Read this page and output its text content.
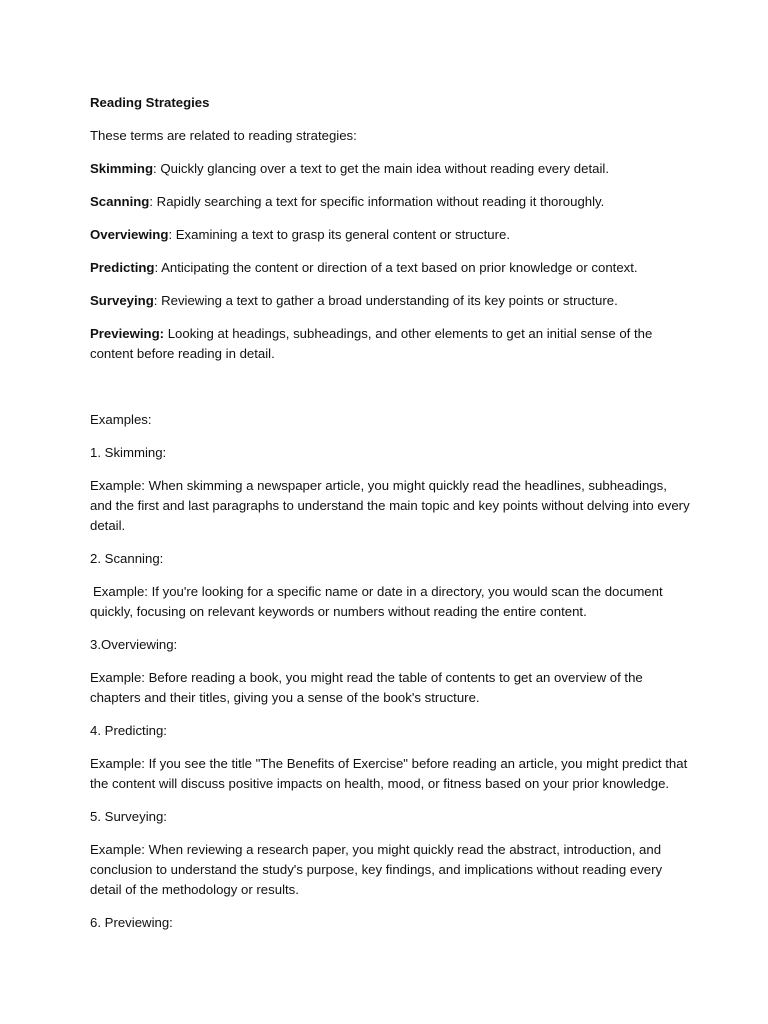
Reading Strategies

These terms are related to reading strategies:

Skimming: Quickly glancing over a text to get the main idea without reading every detail.

Scanning: Rapidly searching a text for specific information without reading it thoroughly.

Overviewing: Examining a text to grasp its general content or structure.

Predicting: Anticipating the content or direction of a text based on prior knowledge or context.

Surveying: Reviewing a text to gather a broad understanding of its key points or structure.

Previewing: Looking at headings, subheadings, and other elements to get an initial sense of the content before reading in detail.

Examples:

1. Skimming:

Example: When skimming a newspaper article, you might quickly read the headlines, subheadings, and the first and last paragraphs to understand the main topic and key points without delving into every detail.

2. Scanning:

Example: If you're looking for a specific name or date in a directory, you would scan the document quickly, focusing on relevant keywords or numbers without reading the entire content.

3.Overviewing:

Example: Before reading a book, you might read the table of contents to get an overview of the chapters and their titles, giving you a sense of the book's structure.

4. Predicting:

Example: If you see the title "The Benefits of Exercise" before reading an article, you might predict that the content will discuss positive impacts on health, mood, or fitness based on your prior knowledge.

5. Surveying:

Example: When reviewing a research paper, you might quickly read the abstract, introduction, and conclusion to understand the study's purpose, key findings, and implications without reading every detail of the methodology or results.

6. Previewing:
